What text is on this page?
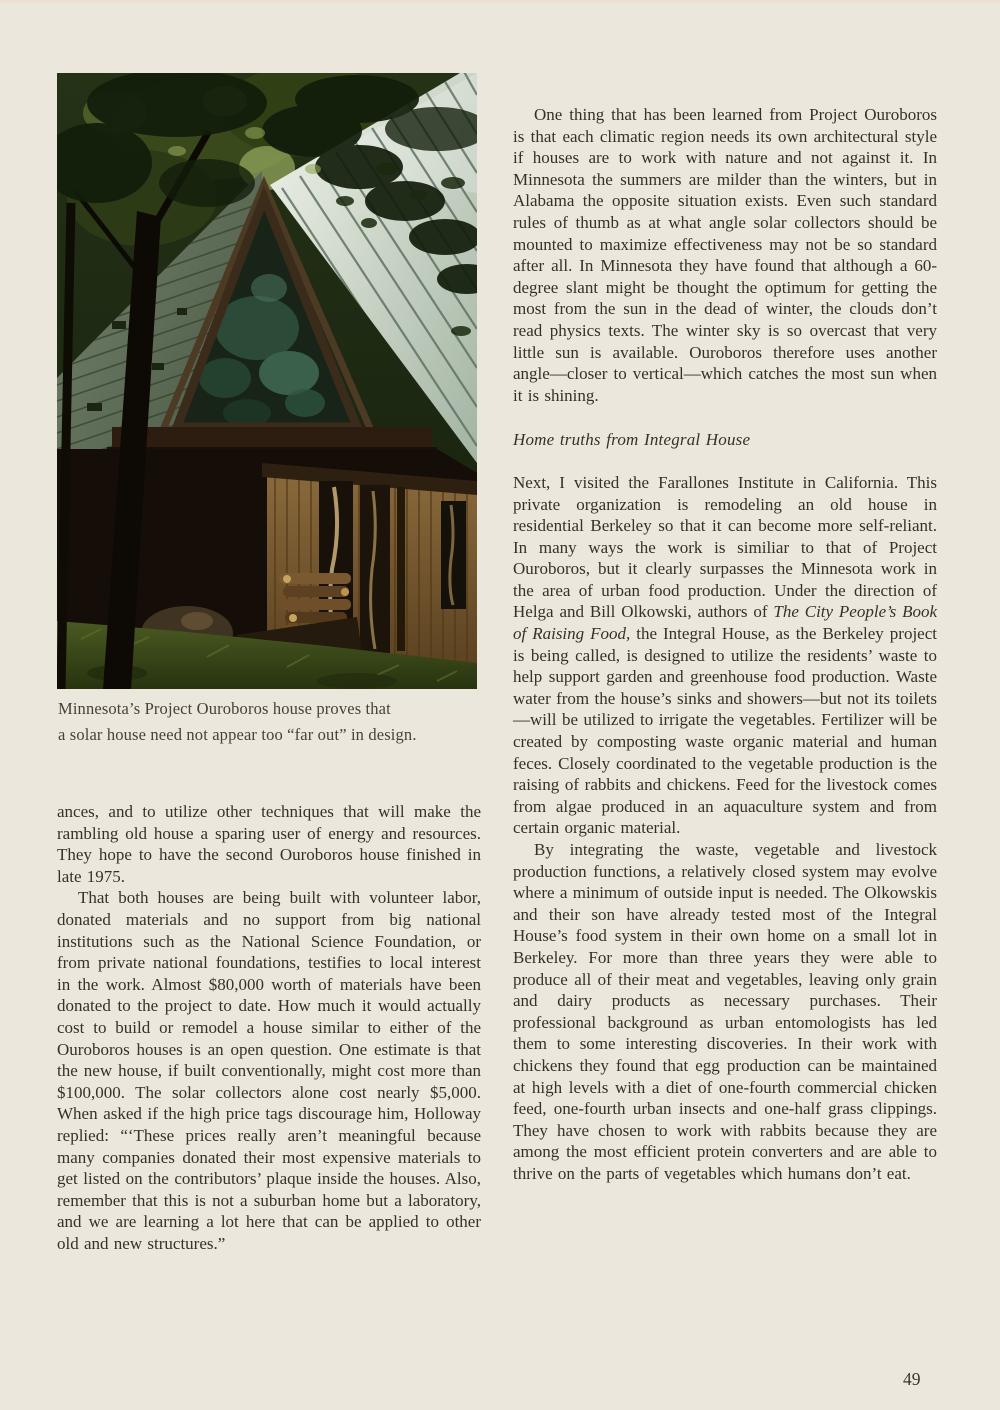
Minnesota’s Project Ouroboros house proves that
a solar house need not appear too “far out” in design.

ances, and to utilize other techniques that will make the rambling old house a sparing user of energy and resources. They hope to have the second Ouroboros house finished in late 1975.

That both houses are being built with volunteer labor, donated materials and no support from big national institutions such as the National Science Foundation, or from private national foundations, testifies to local interest in the work. Almost $80,000 worth of materials have been donated to the project to date. How much it would actually cost to build or remodel a house similar to either of the Ouroboros houses is an open question. One estimate is that the new house, if built conventionally, might cost more than $100,000. The solar collectors alone cost nearly $5,000. When asked if the high price tags discourage him, Holloway replied: “‘These prices really aren’t meaningful because many companies donated their most expensive materials to get listed on the contributors’ plaque inside the houses. Also, remember that this is not a suburban home but a laboratory, and we are learning a lot here that can be applied to other old and new structures.”

One thing that has been learned from Project Ouroboros is that each climatic region needs its own architectural style if houses are to work with nature and not against it. In Minnesota the summers are milder than the winters, but in Alabama the opposite situation exists. Even such standard rules of thumb as at what angle solar collectors should be mounted to maximize effectiveness may not be so standard after all. In Minnesota they have found that although a 60-degree slant might be thought the optimum for getting the most from the sun in the dead of winter, the clouds don’t read physics texts. The winter sky is so overcast that very little sun is available. Ouroboros therefore uses another angle—closer to vertical—which catches the most sun when it is shining.

Home truths from Integral House

Next, I visited the Farallones Institute in California. This private organization is remodeling an old house in residential Berkeley so that it can become more self-reliant. In many ways the work is similiar to that of Project Ouroboros, but it clearly surpasses the Minnesota work in the area of urban food production. Under the direction of Helga and Bill Olkowski, authors of The City People’s Book of Raising Food, the Integral House, as the Berkeley project is being called, is designed to utilize the residents’ waste to help support garden and greenhouse food production. Waste water from the house’s sinks and showers—but not its toilets—will be utilized to irrigate the vegetables. Fertilizer will be created by composting waste organic material and human feces. Closely coordinated to the vegetable production is the raising of rabbits and chickens. Feed for the livestock comes from algae produced in an aquaculture system and from certain organic material.

By integrating the waste, vegetable and livestock production functions, a relatively closed system may evolve where a minimum of outside input is needed. The Olkowskis and their son have already tested most of the Integral House’s food system in their own home on a small lot in Berkeley. For more than three years they were able to produce all of their meat and vegetables, leaving only grain and dairy products as necessary purchases. Their professional background as urban entomologists has led them to some interesting discoveries. In their work with chickens they found that egg production can be maintained at high levels with a diet of one-fourth commercial chicken feed, one-fourth urban insects and one-half grass clippings. They have chosen to work with rabbits because they are among the most efficient protein converters and are able to thrive on the parts of vegetables which humans don’t eat.

49
